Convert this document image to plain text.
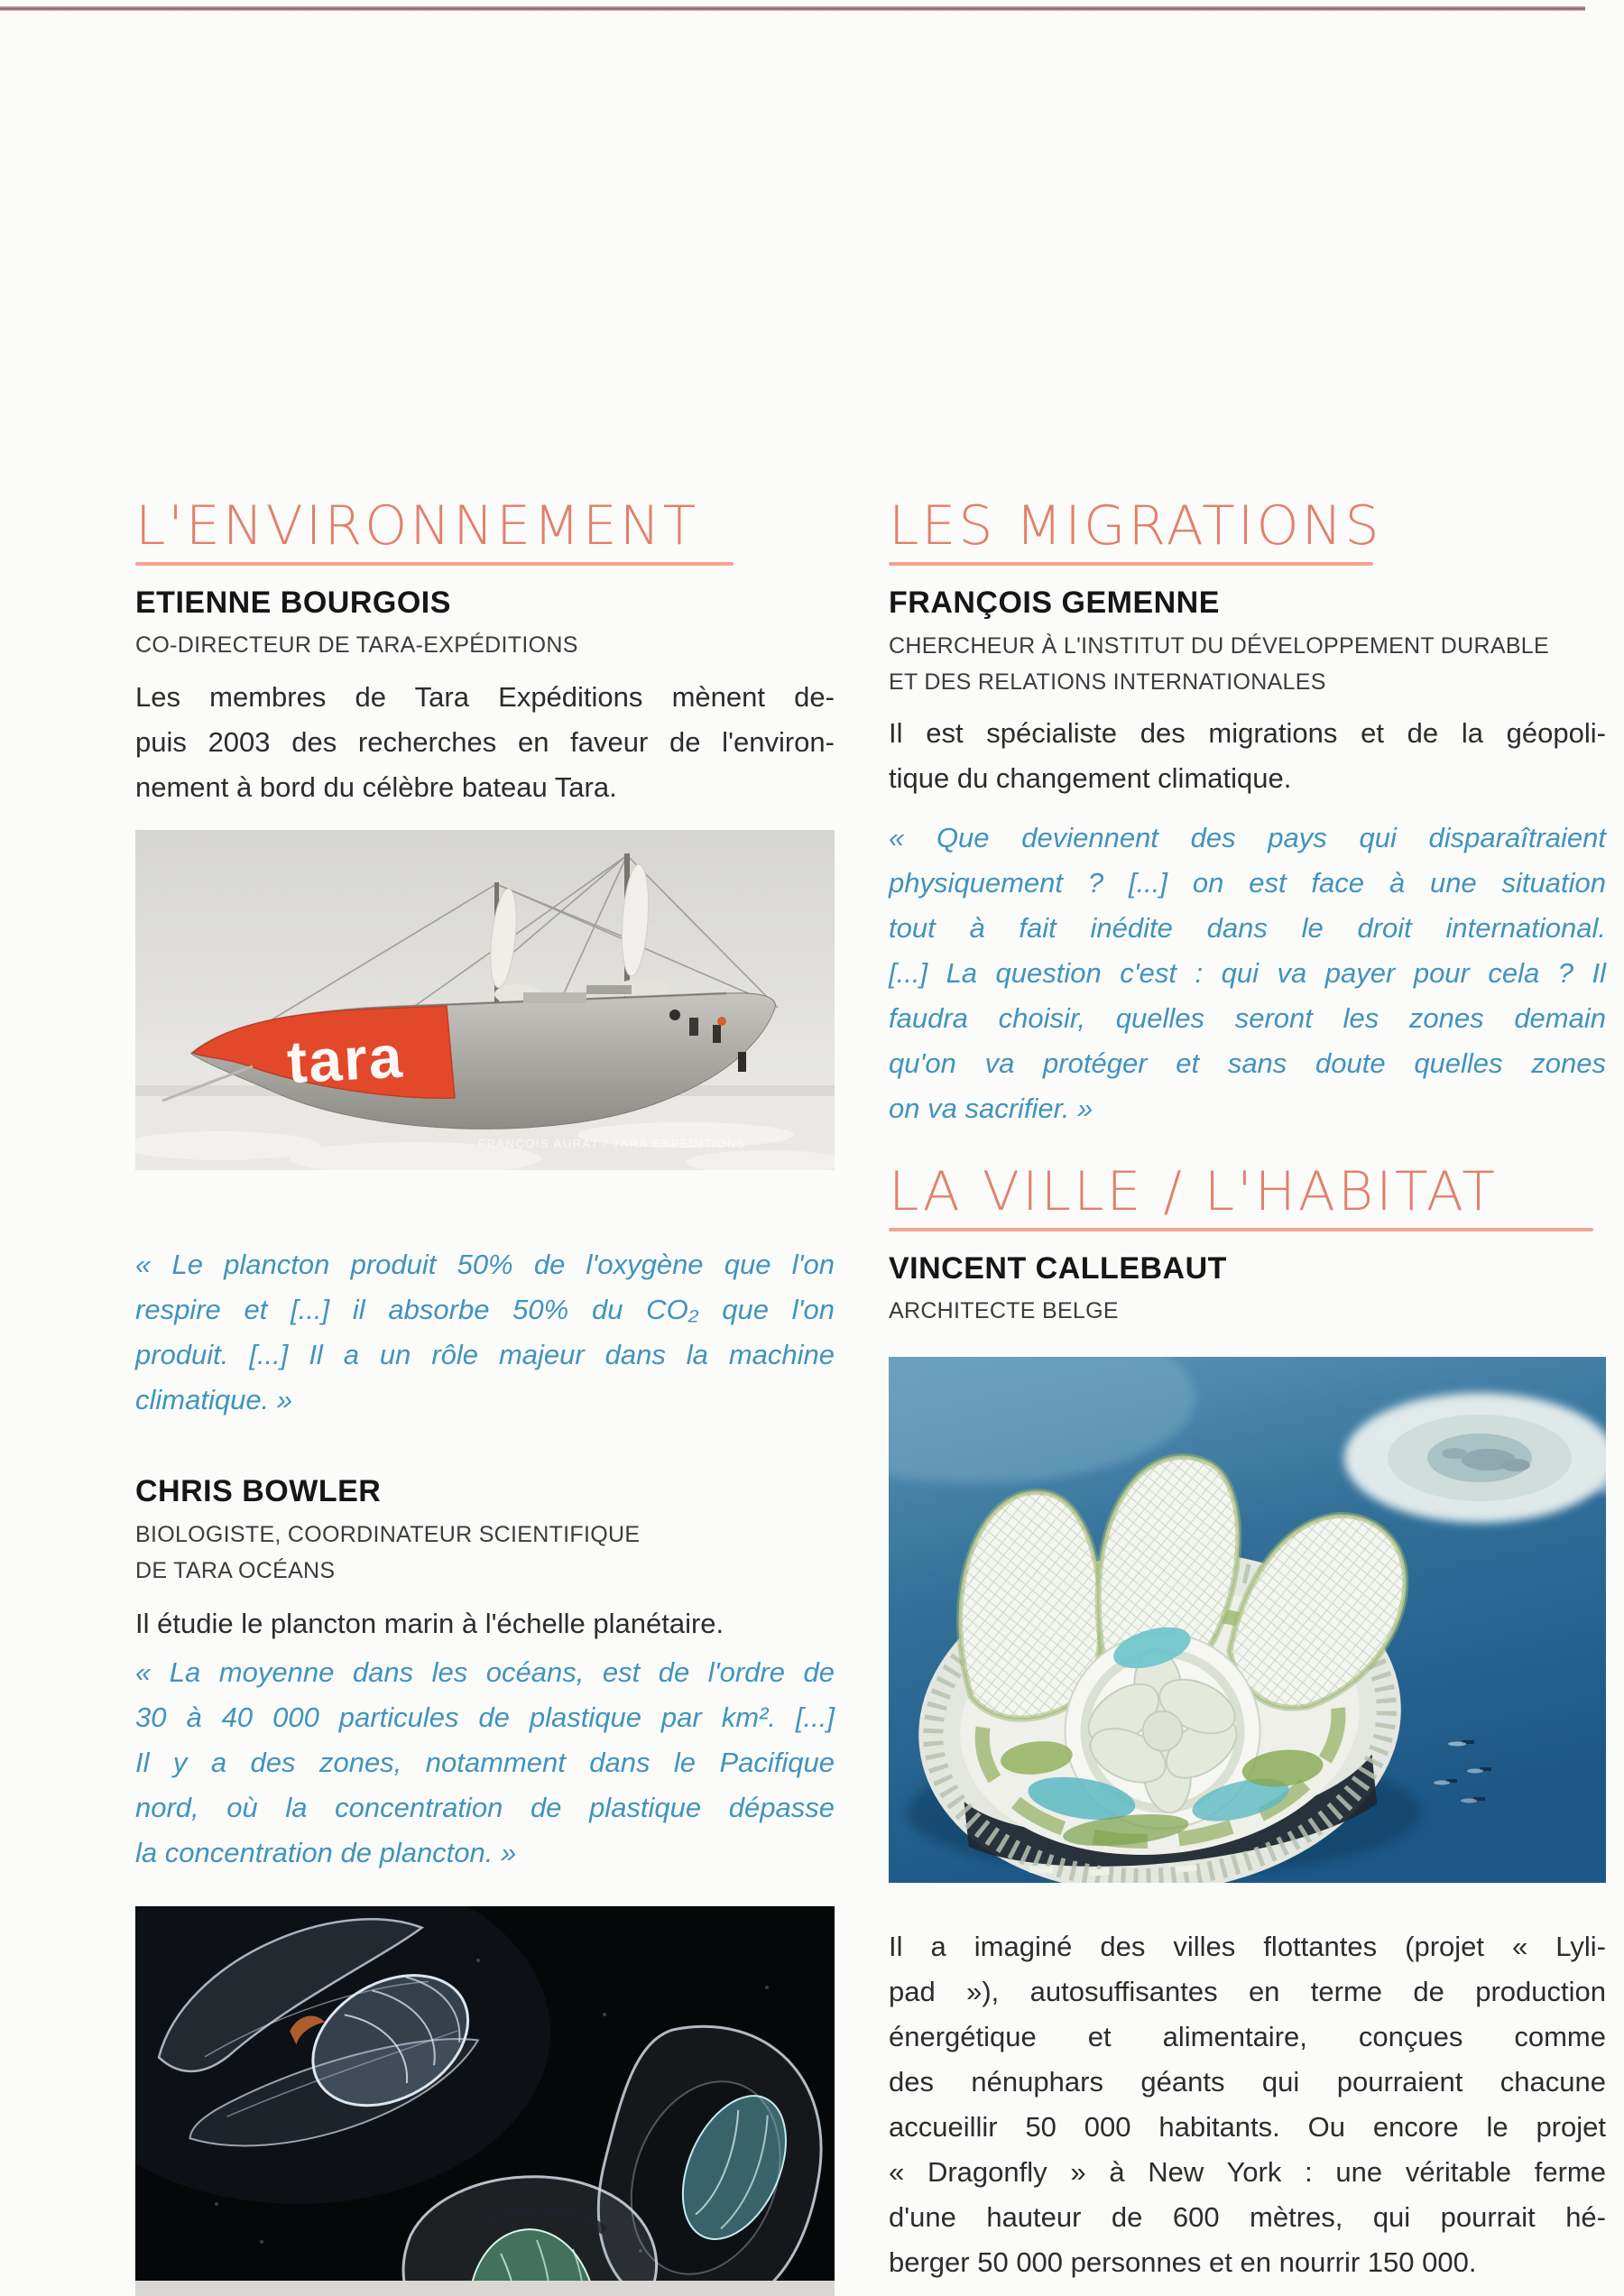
L'ENVIRONNEMENT
ETIENNE BOURGOIS
CO-DIRECTEUR DE TARA-EXPÉDITIONS
Les membres de Tara Expéditions mènent de-
puis 2003 des recherches en faveur de l'environ-
nement à bord du célèbre bateau Tara.
tara
FRANÇOIS AURAT / TARA EXPÉDITIONS
« Le plancton produit 50% de l'oxygène que l'on
respire et [...] il absorbe 50% du CO₂ que l'on
produit. [...] Il a un rôle majeur dans la machine
climatique. »
CHRIS BOWLER
BIOLOGISTE, COORDINATEUR SCIENTIFIQUE
DE TARA OCÉANS
Il étudie le plancton marin à l'échelle planétaire.
« La moyenne dans les océans, est de l'ordre de
30 à 40 000 particules de plastique par km². [...]
Il y a des zones, notamment dans le Pacifique
nord, où la concentration de plastique dépasse
la concentration de plancton. »
LES MIGRATIONS
FRANÇOIS GEMENNE
CHERCHEUR À L'INSTITUT DU DÉVELOPPEMENT DURABLE
ET DES RELATIONS INTERNATIONALES
Il est spécialiste des migrations et de la géopoli-
tique du changement climatique.
« Que deviennent des pays qui disparaîtraient
physiquement ? [...] on est face à une situation
tout à fait inédite dans le droit international.
[...] La question c'est : qui va payer pour cela ? Il
faudra choisir, quelles seront les zones demain
qu'on va protéger et sans doute quelles zones
on va sacrifier. »
LA VILLE / L'HABITAT
VINCENT CALLEBAUT
ARCHITECTE BELGE
Il a imaginé des villes flottantes (projet « Lyli-
pad »), autosuffisantes en terme de production
énergétique et alimentaire, conçues comme
des nénuphars géants qui pourraient chacune
accueillir 50 000 habitants. Ou encore le projet
« Dragonfly » à New York : une véritable ferme
d'une hauteur de 600 mètres, qui pourrait hé-
berger 50 000 personnes et en nourrir 150 000.
